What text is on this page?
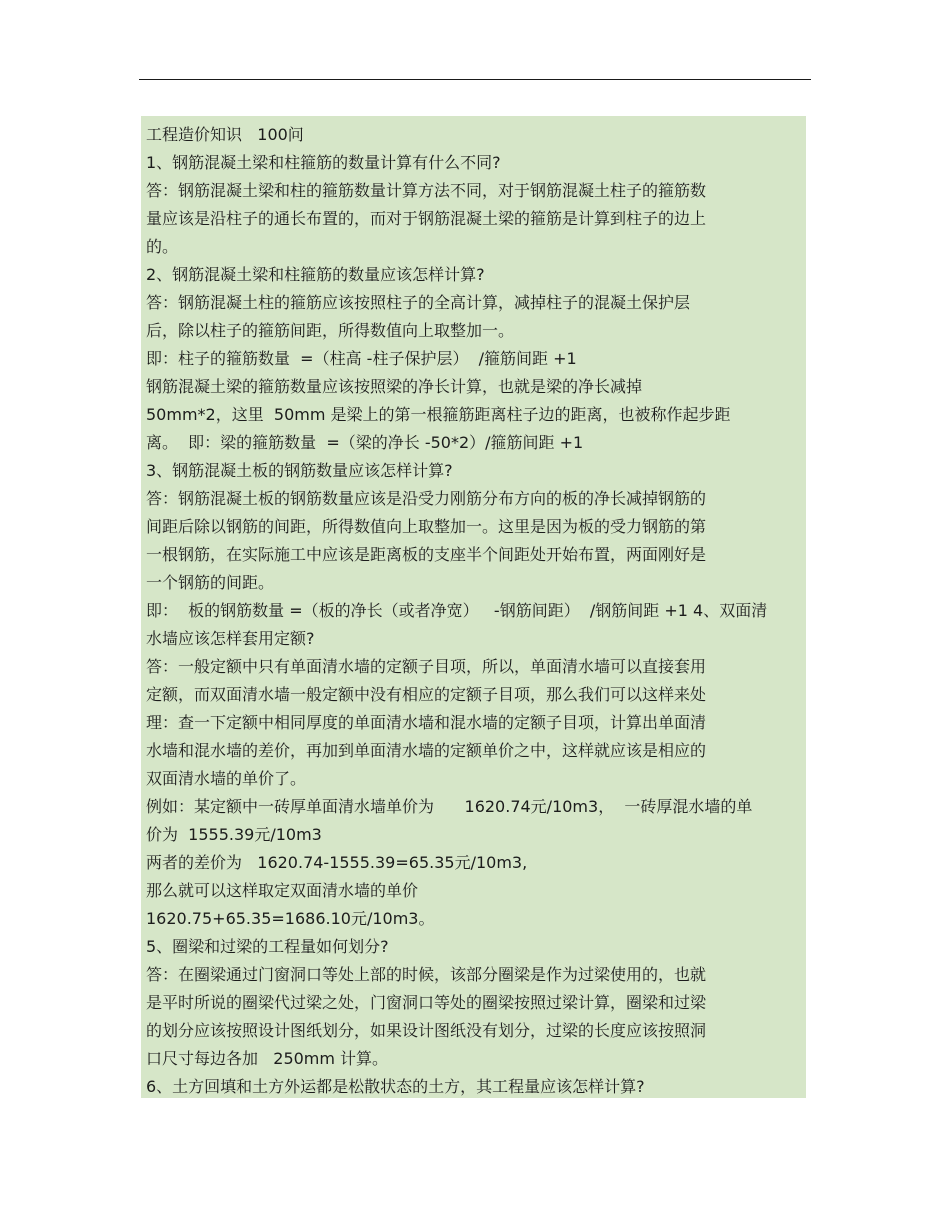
工程造价知识   100问
1、钢筋混凝土梁和柱箍筋的数量计算有什么不同?
答：钢筋混凝土梁和柱的箍筋数量计算方法不同，对于钢筋混凝土柱子的箍筋数
量应该是沿柱子的通长布置的，而对于钢筋混凝土梁的箍筋是计算到柱子的边上
的。
2、钢筋混凝土梁和柱箍筋的数量应该怎样计算?
答：钢筋混凝土柱的箍筋应该按照柱子的全高计算，减掉柱子的混凝土保护层
后，除以柱子的箍筋间距，所得数值向上取整加一。
即：柱子的箍筋数量  =（柱高 -柱子保护层）  /箍筋间距 +1
钢筋混凝土梁的箍筋数量应该按照梁的净长计算，也就是梁的净长减掉
50mm*2，这里  50mm 是梁上的第一根箍筋距离柱子边的距离，也被称作起步距
离。  即：梁的箍筋数量  =（梁的净长 -50*2）/箍筋间距 +1
3、钢筋混凝土板的钢筋数量应该怎样计算?
答：钢筋混凝土板的钢筋数量应该是沿受力刚筋分布方向的板的净长减掉钢筋的
间距后除以钢筋的间距，所得数值向上取整加一。这里是因为板的受力钢筋的第
一根钢筋，在实际施工中应该是距离板的支座半个间距处开始布置，两面刚好是
一个钢筋的间距。
即：  板的钢筋数量 =（板的净长（或者净宽）   -钢筋间距）  /钢筋间距 +1 4、双面清
水墙应该怎样套用定额?
答：一般定额中只有单面清水墙的定额子目项，所以，单面清水墙可以直接套用
定额，而双面清水墙一般定额中没有相应的定额子目项，那么我们可以这样来处
理：查一下定额中相同厚度的单面清水墙和混水墙的定额子目项，计算出单面清
水墙和混水墙的差价，再加到单面清水墙的定额单价之中，这样就应该是相应的
双面清水墙的单价了。
例如：某定额中一砖厚单面清水墙单价为      1620.74元/10m3，  一砖厚混水墙的单
价为  1555.39元/10m3
两者的差价为   1620.74-1555.39=65.35元/10m3,
那么就可以这样取定双面清水墙的单价
1620.75+65.35=1686.10元/10m3。
5、圈梁和过梁的工程量如何划分?
答：在圈梁通过门窗洞口等处上部的时候，该部分圈梁是作为过梁使用的，也就
是平时所说的圈梁代过梁之处，门窗洞口等处的圈梁按照过梁计算，圈梁和过梁
的划分应该按照设计图纸划分，如果设计图纸没有划分，过梁的长度应该按照洞
口尺寸每边各加   250mm 计算。
6、土方回填和土方外运都是松散状态的土方，其工程量应该怎样计算?
